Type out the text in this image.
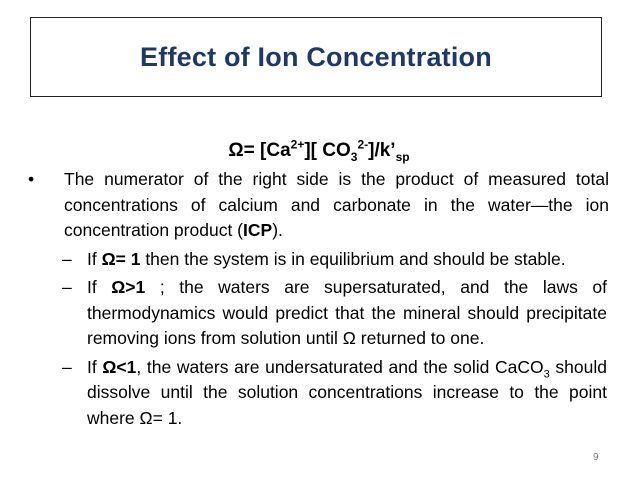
Effect of Ion Concentration
$\Omega= [Ca^{2+}]$[ $CO_3^{2-}]/k’_{sp}$
•	The numerator of the right side is the product of measured total concentrations of calcium and carbonate in the water—the ion concentration product (ICP).
– If Ω= 1 then the system is in equilibrium and should be stable.
– If Ω>1 ; the waters are supersaturated, and the laws of thermodynamics would predict that the mineral should precipitate removing ions from solution until Ω returned to one.
– If Ω<1, the waters are undersaturated and the solid CaCO$_3$ should dissolve until the solution concentrations increase to the point where Ω= 1.
9
